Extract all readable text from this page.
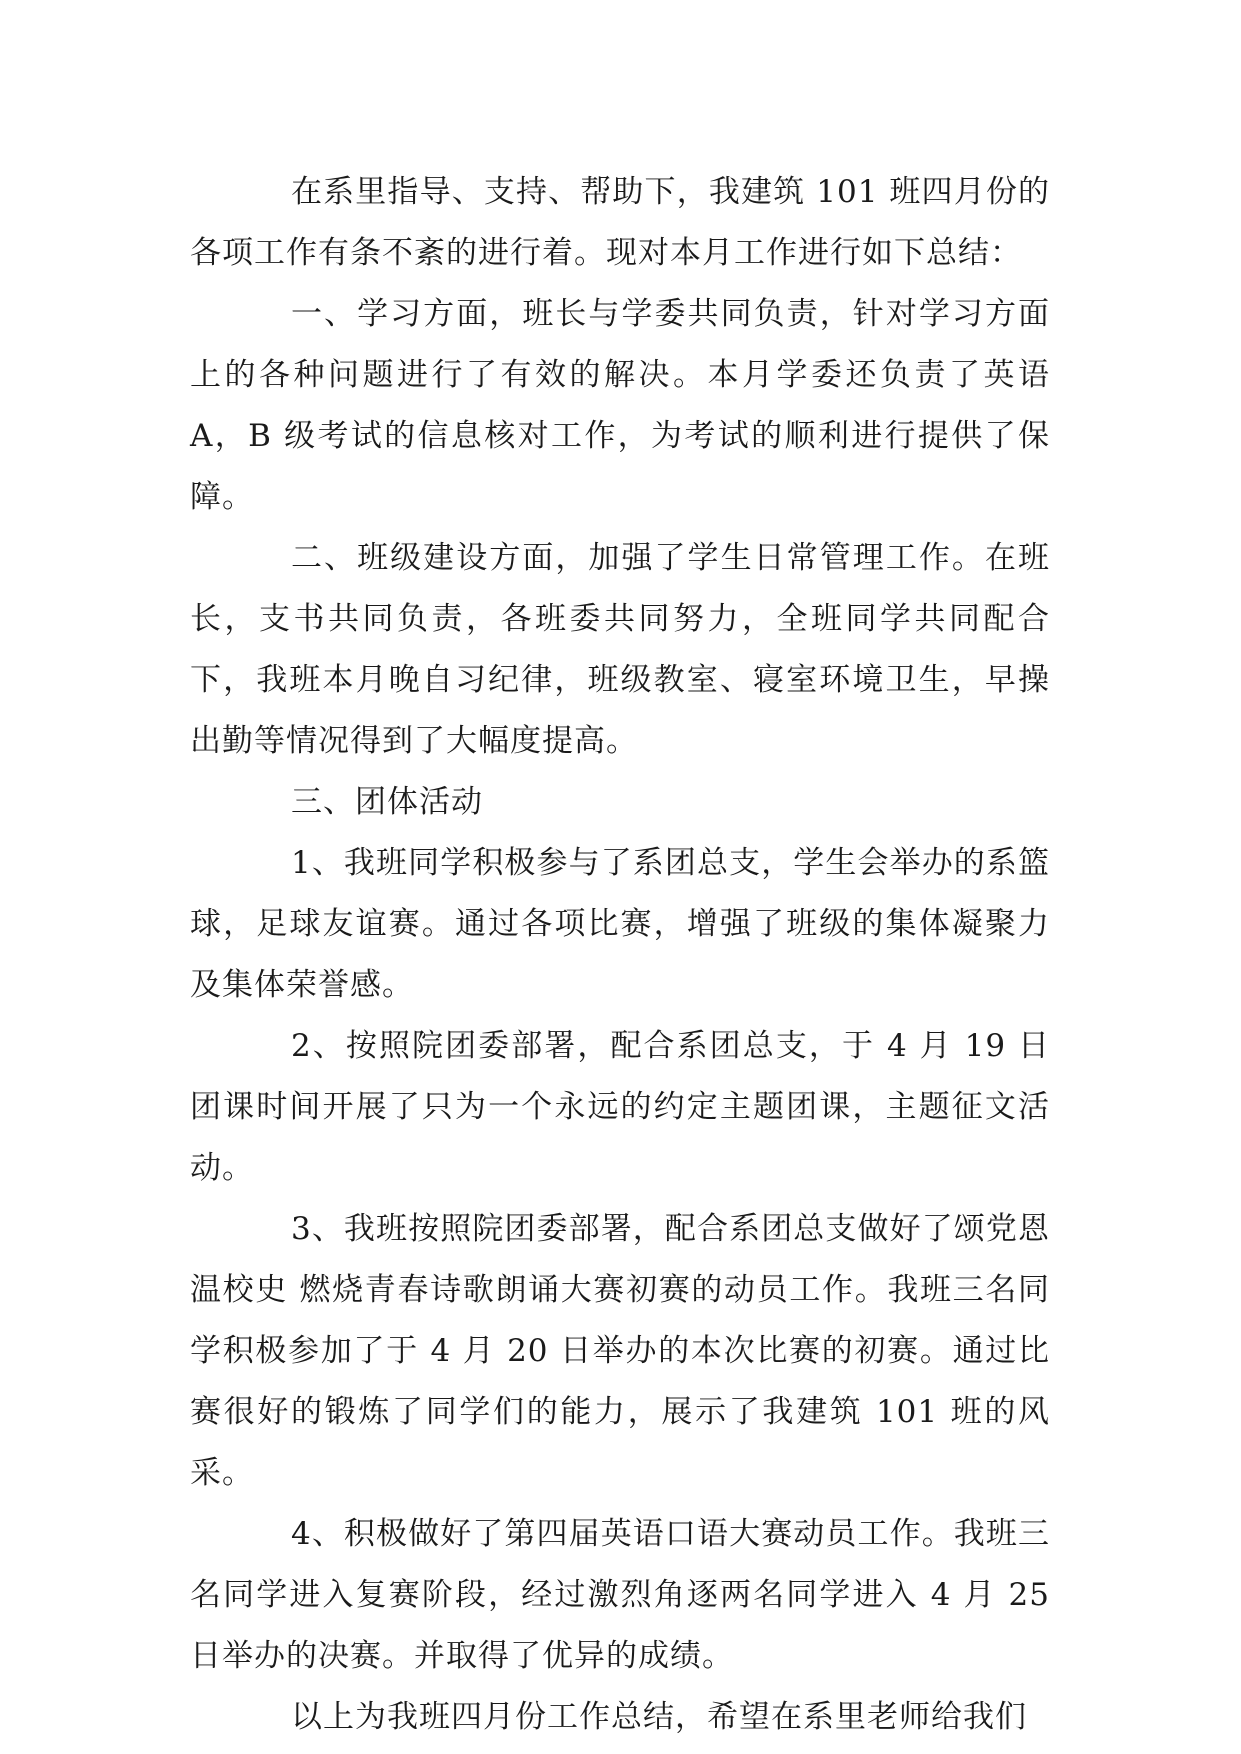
在系里指导、支持、帮助下，我建筑 101 班四月份的各项工作有条不紊的进行着。现对本月工作进行如下总结：

一、学习方面，班长与学委共同负责，针对学习方面上的各种问题进行了有效的解决。本月学委还负责了英语 A，B 级考试的信息核对工作，为考试的顺利进行提供了保障。

二、班级建设方面，加强了学生日常管理工作。在班长，支书共同负责，各班委共同努力，全班同学共同配合下，我班本月晚自习纪律，班级教室、寝室环境卫生，早操出勤等情况得到了大幅度提高。

三、团体活动

1、我班同学积极参与了系团总支，学生会举办的系篮球，足球友谊赛。通过各项比赛，增强了班级的集体凝聚力及集体荣誉感。

2、按照院团委部署，配合系团总支，于 4 月 19 日团课时间开展了只为一个永远的约定主题团课，主题征文活动。

3、我班按照院团委部署，配合系团总支做好了颂党恩 温校史 燃烧青春诗歌朗诵大赛初赛的动员工作。我班三名同学积极参加了于 4 月 20 日举办的本次比赛的初赛。通过比赛很好的锻炼了同学们的能力，展示了我建筑 101 班的风采。

4、积极做好了第四届英语口语大赛动员工作。我班三名同学进入复赛阶段，经过激烈角逐两名同学进入 4 月 25 日举办的决赛。并取得了优异的成绩。

以上为我班四月份工作总结，希望在系里老师给我们
